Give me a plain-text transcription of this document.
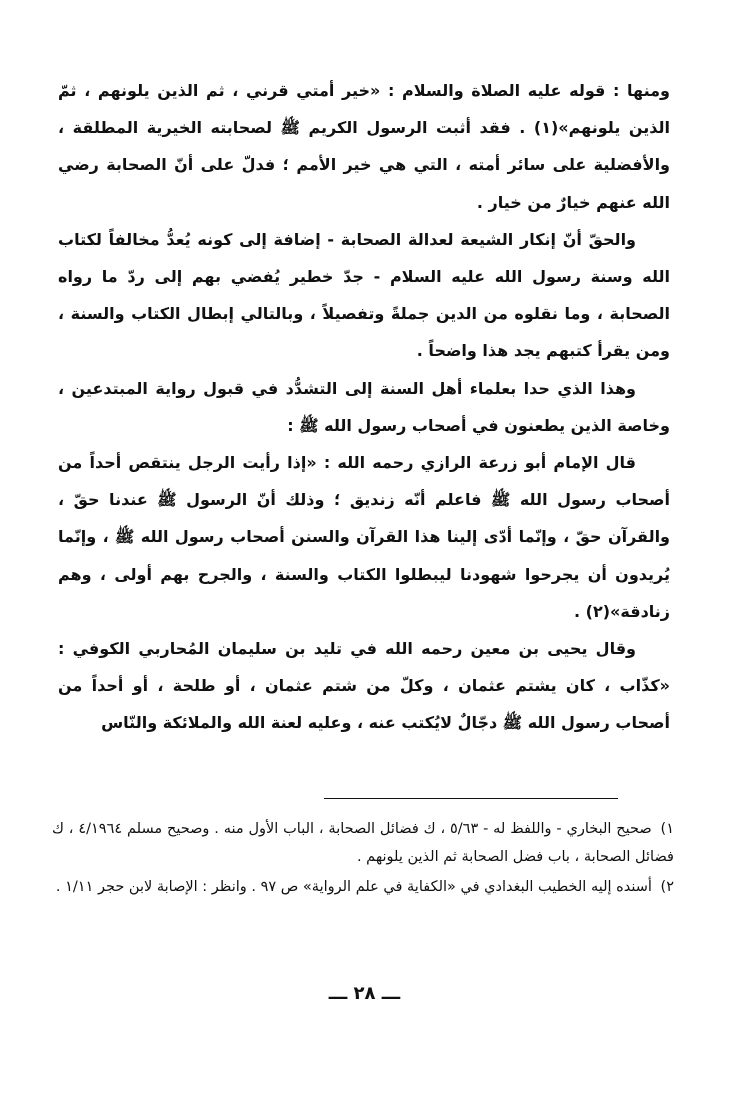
ومنها : قوله عليه الصلاة والسلام : «خير أمتي قرني ، ثم الذين يلونهم ، ثمّ الذين يلونهم»(١) . فقد أثبت الرسول الكريم ﷺ لصحابته الخيرية المطلقة ، والأفضلية على سائر أمته ، التي هي خير الأمم ؛ فدلّ على أنّ الصحابة رضي الله عنهم خيارٌ من خيار .

والحقّ أنّ إنكار الشيعة لعدالة الصحابة - إضافة إلى كونه يُعدُّ مخالفاً لكتاب الله وسنة رسول الله عليه السلام - جدّ خطير يُفضي بهم إلى ردّ ما رواه الصحابة ، وما نقلوه من الدين جملةً وتفصيلاً ، وبالتالي إبطال الكتاب والسنة ، ومن يقرأ كتبهم يجد هذا واضحاً .

وهذا الذي حدا بعلماء أهل السنة إلى التشدُّد في قبول رواية المبتدعين ، وخاصة الذين يطعنون في أصحاب رسول الله ﷺ :

قال الإمام أبو زرعة الرازي رحمه الله : «إذا رأيت الرجل ينتقص أحداً من أصحاب رسول الله ﷺ فاعلم أنّه زنديق ؛ وذلك أنّ الرسول ﷺ عندنا حقّ ، والقرآن حقّ ، وإنّما أدّى إلينا هذا القرآن والسنن أصحاب رسول الله ﷺ ، وإنّما يُريدون أن يجرحوا شهودنا ليبطلوا الكتاب والسنة ، والجرح بهم أولى ، وهم زنادقة»(٢) .

وقال يحيى بن معين رحمه الله في تليد بن سليمان المُحاربي الكوفي : «كذّاب ، كان يشتم عثمان ، وكلّ من شتم عثمان ، أو طلحة ، أو أحداً من أصحاب رسول الله ﷺ دجّالٌ لايُكتب عنه ، وعليه لعنة الله والملائكة والنّاس

١) صحيح البخاري - واللفظ له - ٥/٦٣ ، ك فضائل الصحابة ، الباب الأول منه . وصحيح مسلم ٤/١٩٦٤ ، ك فضائل الصحابة ، باب فضل الصحابة ثم الذين يلونهم .

٢) أسنده إليه الخطيب البغدادي في «الكفاية في علم الرواية» ص ٩٧ . وانظر : الإصابة لابن حجر ١/١١ .

ـــ ٢٨ ـــ
